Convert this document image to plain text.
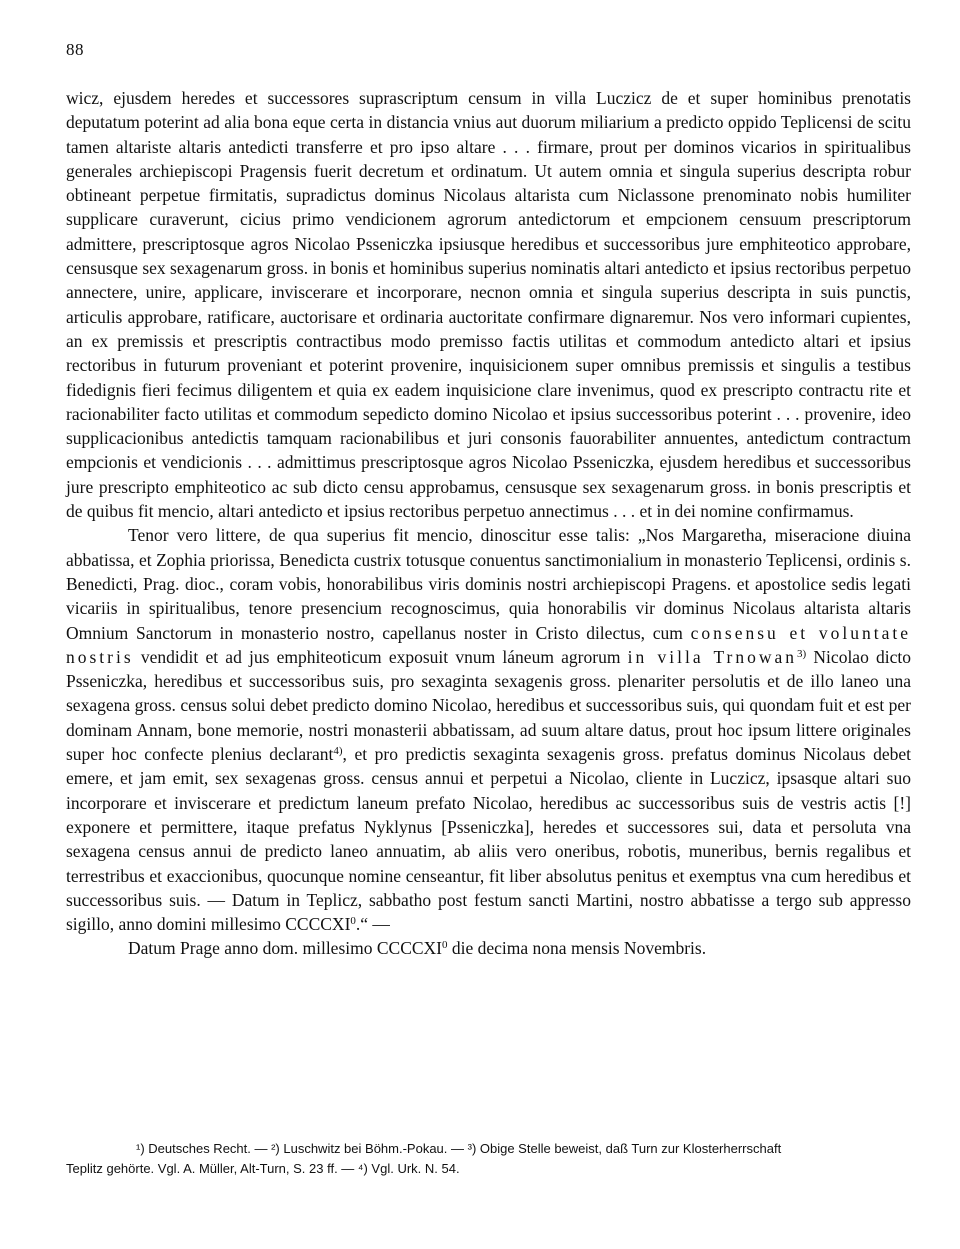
88

wicz, ejusdem heredes et successores suprascriptum censum in villa Luczicz de et super hominibus prenotatis deputatum poterint ad alia bona eque certa in distancia vnius aut duorum miliarium a predicto oppido Teplicensi de scitu tamen altariste altaris antedicti transferre et pro ipso altare . . . firmare, prout per dominos vicarios in spiritualibus generales archiepiscopi Pragensis fuerit decretum et ordinatum. Ut autem omnia et singula superius descripta robur obtineant perpetue firmitatis, supradictus dominus Nicolaus altarista cum Niclassone prenominato nobis humiliter supplicare curaverunt, cicius primo vendicionem agrorum antedictorum et empcionem censuum prescriptorum admittere, prescriptosque agros Nicolao Psseniczka ipsiusque heredibus et successoribus jure emphiteotico approbare, censusque sex sexagenarum gross. in bonis et hominibus superius nominatis altari antedicto et ipsius rectoribus perpetuo annectere, unire, applicare, inviscerare et incorporare, necnon omnia et singula superius descripta in suis punctis, articulis approbare, ratificare, auctorisare et ordinaria auctoritate confirmare dignaremur. Nos vero informari cupientes, an ex premissis et prescriptis contractibus modo premisso factis utilitas et commodum antedicto altari et ipsius rectoribus in futurum proveniant et poterint provenire, inquisicionem super omnibus premissis et singulis a testibus fidedignis fieri fecimus diligentem et quia ex eadem inquisicione clare invenimus, quod ex prescripto contractu rite et racionabiliter facto utilitas et commodum sepedicto domino Nicolao et ipsius successoribus poterint . . . provenire, ideo supplicacionibus antedictis tamquam racionabilibus et juri consonis fauorabiliter annuentes, antedictum contractum empcionis et vendicionis . . . admittimus prescriptosque agros Nicolao Psseniczka, ejusdem heredibus et successoribus jure prescripto emphiteotico ac sub dicto censu approbamus, censusque sex sexagenarum gross. in bonis prescriptis et de quibus fit mencio, altari antedicto et ipsius rectoribus perpetuo annectimus . . . et in dei nomine confirmamus.

Tenor vero littere, de qua superius fit mencio, dinoscitur esse talis: „Nos Margaretha, miseracione diuina abbatissa, et Zophia priorissa, Benedicta custrix totusque conuentus sanctimonialium in monasterio Teplicensi, ordinis s. Benedicti, Prag. dioc., coram vobis, honorabilibus viris dominis nostri archiepiscopi Pragens. et apostolice sedis legati vicariis in spiritualibus, tenore presencium recognoscimus, quia honorabilis vir dominus Nicolaus altarista altaris Omnium Sanctorum in monasterio nostro, capellanus noster in Cristo dilectus, cum consensu et voluntate nostris vendidit et ad jus emphiteoticum exposuit vnum láneum agrorum in villa Trnowan$^{3)}$ Nicolao dicto Psseniczka, heredibus et successoribus suis, pro sexaginta sexagenis gross. plenariter persolutis et de illo laneo una sexagena gross. census solui debet predicto domino Nicolao, heredibus et successoribus suis, qui quondam fuit et est per dominam Annam, bone memorie, nostri monasterii abbatissam, ad suum altare datus, prout hoc ipsum littere originales super hoc confecte plenius declarant$^{4)}$, et pro predictis sexaginta sexagenis gross. prefatus dominus Nicolaus debet emere, et jam emit, sex sexagenas gross. census annui et perpetui a Nicolao, cliente in Luczicz, ipsasque altari suo incorporare et inviscerare et predictum laneum prefato Nicolao, heredibus ac successoribus suis de vestris actis [!] exponere et permittere, itaque prefatus Nyklynus [Psseniczka], heredes et successores sui, data et persoluta vna sexagena census annui de predicto laneo annuatim, ab aliis vero oneribus, robotis, muneribus, bernis regalibus et terrestribus et exaccionibus, quocunque nomine censeantur, fit liber absolutus penitus et exemptus vna cum heredibus et successoribus suis. — Datum in Teplicz, sabbatho post festum sancti Martini, nostro abbatisse a tergo sub appresso sigillo, anno domini millesimo CCCCXI$^0$.“ —

Datum Prage anno dom. millesimo CCCCXI$^0$ die decima nona mensis Novembris.

¹) Deutsches Recht. — ²) Luschwitz bei Böhm.-Pokau. — ³) Obige Stelle beweist, daß Turn zur Klosterherrschaft
Teplitz gehörte. Vgl. A. Müller, Alt-Turn, S. 23 ff. — ⁴) Vgl. Urk. N. 54.
